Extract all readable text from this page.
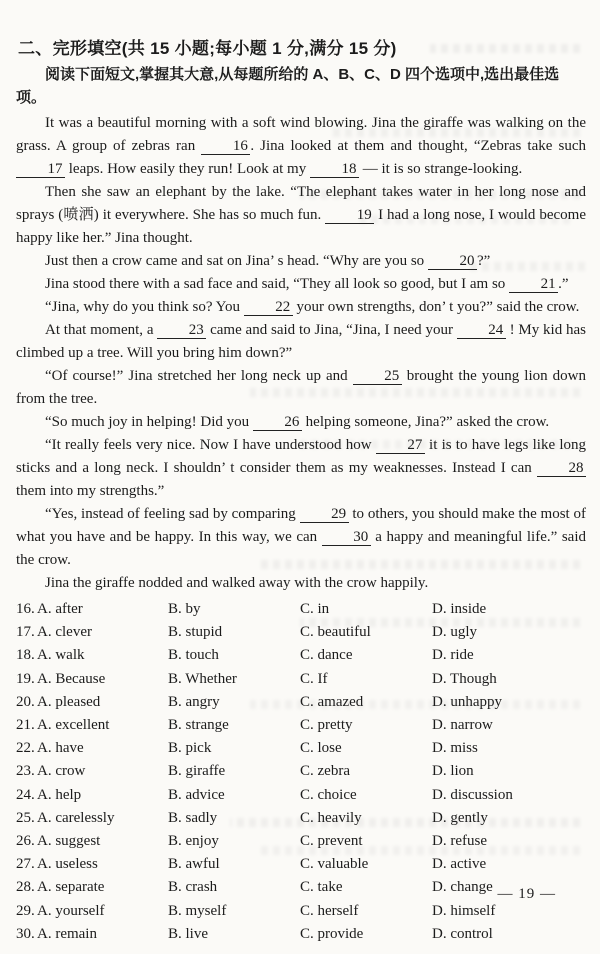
二、完形填空(共 15 小题;每小题 1 分,满分 15 分)

阅读下面短文,掌握其大意,从每题所给的 A、B、C、D 四个选项中,选出最佳选项。

It was a beautiful morning with a soft wind blowing. Jina the giraffe was walking on the grass. A group of zebras ran 16 . Jina looked at them and thought, “Zebras take such 17 leaps. How easily they run! Look at my 18 — it is so strange-looking.

Then she saw an elephant by the lake. “The elephant takes water in her long nose and sprays (喷洒) it everywhere. She has so much fun. 19 I had a long nose, I would become happy like her.” Jina thought.

Just then a crow came and sat on Jina’ s head. “Why are you so 20 ?”

Jina stood there with a sad face and said, “They all look so good, but I am so 21 .”

“Jina, why do you think so? You 22 your own strengths, don’ t you?” said the crow.

At that moment, a 23 came and said to Jina, “Jina, I need your 24 ! My kid has climbed up a tree. Will you bring him down?”

“Of course!” Jina stretched her long neck up and 25 brought the young lion down from the tree.

“So much joy in helping! Did you 26 helping someone, Jina?” asked the crow.

“It really feels very nice. Now I have understood how 27 it is to have legs like long sticks and a long neck. I shouldn’ t consider them as my weaknesses. Instead I can 28 them into my strengths.”

“Yes, instead of feeling sad by comparing 29 to others, you should make the most of what you have and be happy. In this way, we can 30 a happy and meaningful life.” said the crow.

Jina the giraffe nodded and walked away with the crow happily.

16. A. after	B. by	C. in	D. inside
17. A. clever	B. stupid	C. beautiful	D. ugly
18. A. walk	B. touch	C. dance	D. ride
19. A. Because	B. Whether	C. If	D. Though
20. A. pleased	B. angry	C. amazed	D. unhappy
21. A. excellent	B. strange	C. pretty	D. narrow
22. A. have	B. pick	C. lose	D. miss
23. A. crow	B. giraffe	C. zebra	D. lion
24. A. help	B. advice	C. choice	D. discussion
25. A. carelessly	B. sadly	C. heavily	D. gently
26. A. suggest	B. enjoy	C. prevent	D. refuse
27. A. useless	B. awful	C. valuable	D. active
28. A. separate	B. crash	C. take	D. change
29. A. yourself	B. myself	C. herself	D. himself
30. A. remain	B. live	C. provide	D. control
— 19 —
